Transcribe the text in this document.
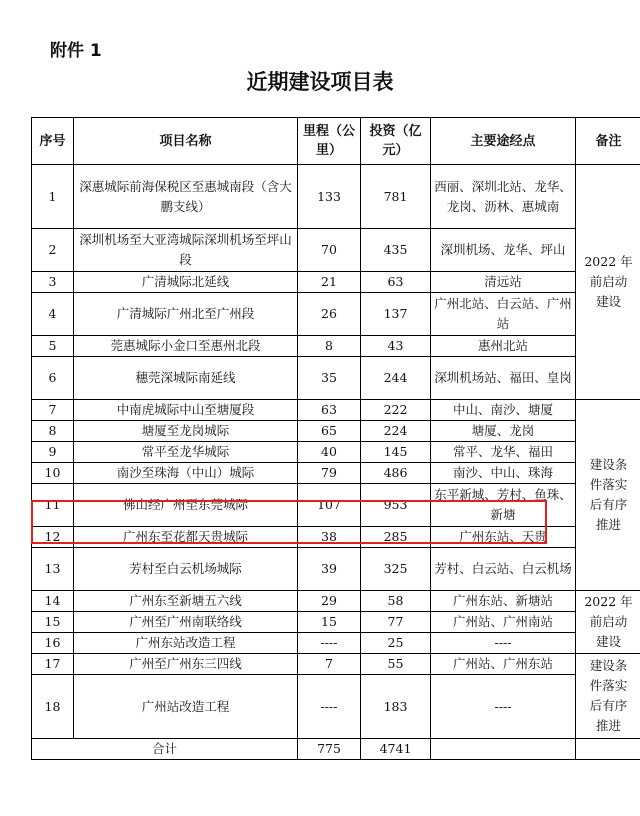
附件 1
近期建设项目表
序号	项目名称	里程（公里）	投资（亿元）	主要途经点	备注
1	深惠城际前海保税区至惠城南段（含大鹏支线）	133	781	西丽、深圳北站、龙华、龙岗、沥林、惠城南	2022 年前启动建设
2	深圳机场至大亚湾城际深圳机场至坪山段	70	435	深圳机场、龙华、坪山	
3	广清城际北延线	21	63	清远站	
4	广清城际广州北至广州段	26	137	广州北站、白云站、广州站	
5	莞惠城际小金口至惠州北段	8	43	惠州北站	
6	穗莞深城际南延线	35	244	深圳机场站、福田、皇岗	
7	中南虎城际中山至塘厦段	63	222	中山、南沙、塘厦	建设条件落实后有序推进
8	塘厦至龙岗城际	65	224	塘厦、龙岗	
9	常平至龙华城际	40	145	常平、龙华、福田	
10	南沙至珠海（中山）城际	79	486	南沙、中山、珠海	
11	佛山经广州至东莞城际	107	953	东平新城、芳村、鱼珠、新塘	
12	广州东至花都天贵城际	38	285	广州东站、天贵	
13	芳村至白云机场城际	39	325	芳村、白云站、白云机场	
14	广州东至新塘五六线	29	58	广州东站、新塘站	2022 年前启动建设
15	广州至广州南联络线	15	77	广州站、广州南站	
16	广州东站改造工程	----	25	----	
17	广州至广州东三四线	7	55	广州站、广州东站	建设条件落实后有序推进
18	广州站改造工程	----	183	----	
合计		775	4741		
